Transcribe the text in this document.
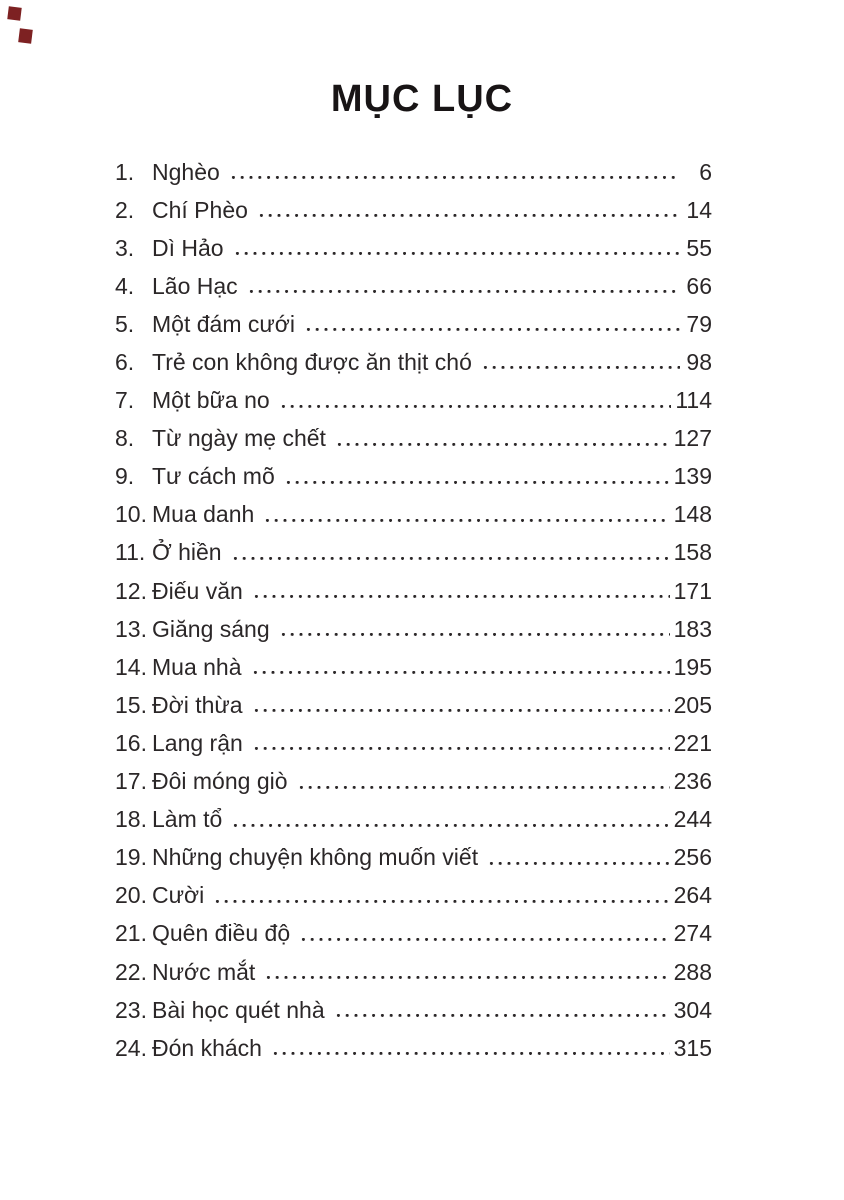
MỤC LỤC
1. Nghèo	6
2. Chí Phèo	14
3. Dì Hảo	55
4. Lão Hạc	66
5. Một đám cưới	79
6. Trẻ con không được ăn thịt chó	98
7. Một bữa no	114
8. Từ ngày mẹ chết	127
9. Tư cách mõ	139
10. Mua danh	148
11. Ở hiền	158
12. Điếu văn	171
13. Giăng sáng	183
14. Mua nhà	195
15. Đời thừa	205
16. Lang rận	221
17. Đôi móng giò	236
18. Làm tổ	244
19. Những chuyện không muốn viết	256
20. Cười	264
21. Quên điều độ	274
22. Nước mắt	288
23. Bài học quét nhà	304
24. Đón khách	315
